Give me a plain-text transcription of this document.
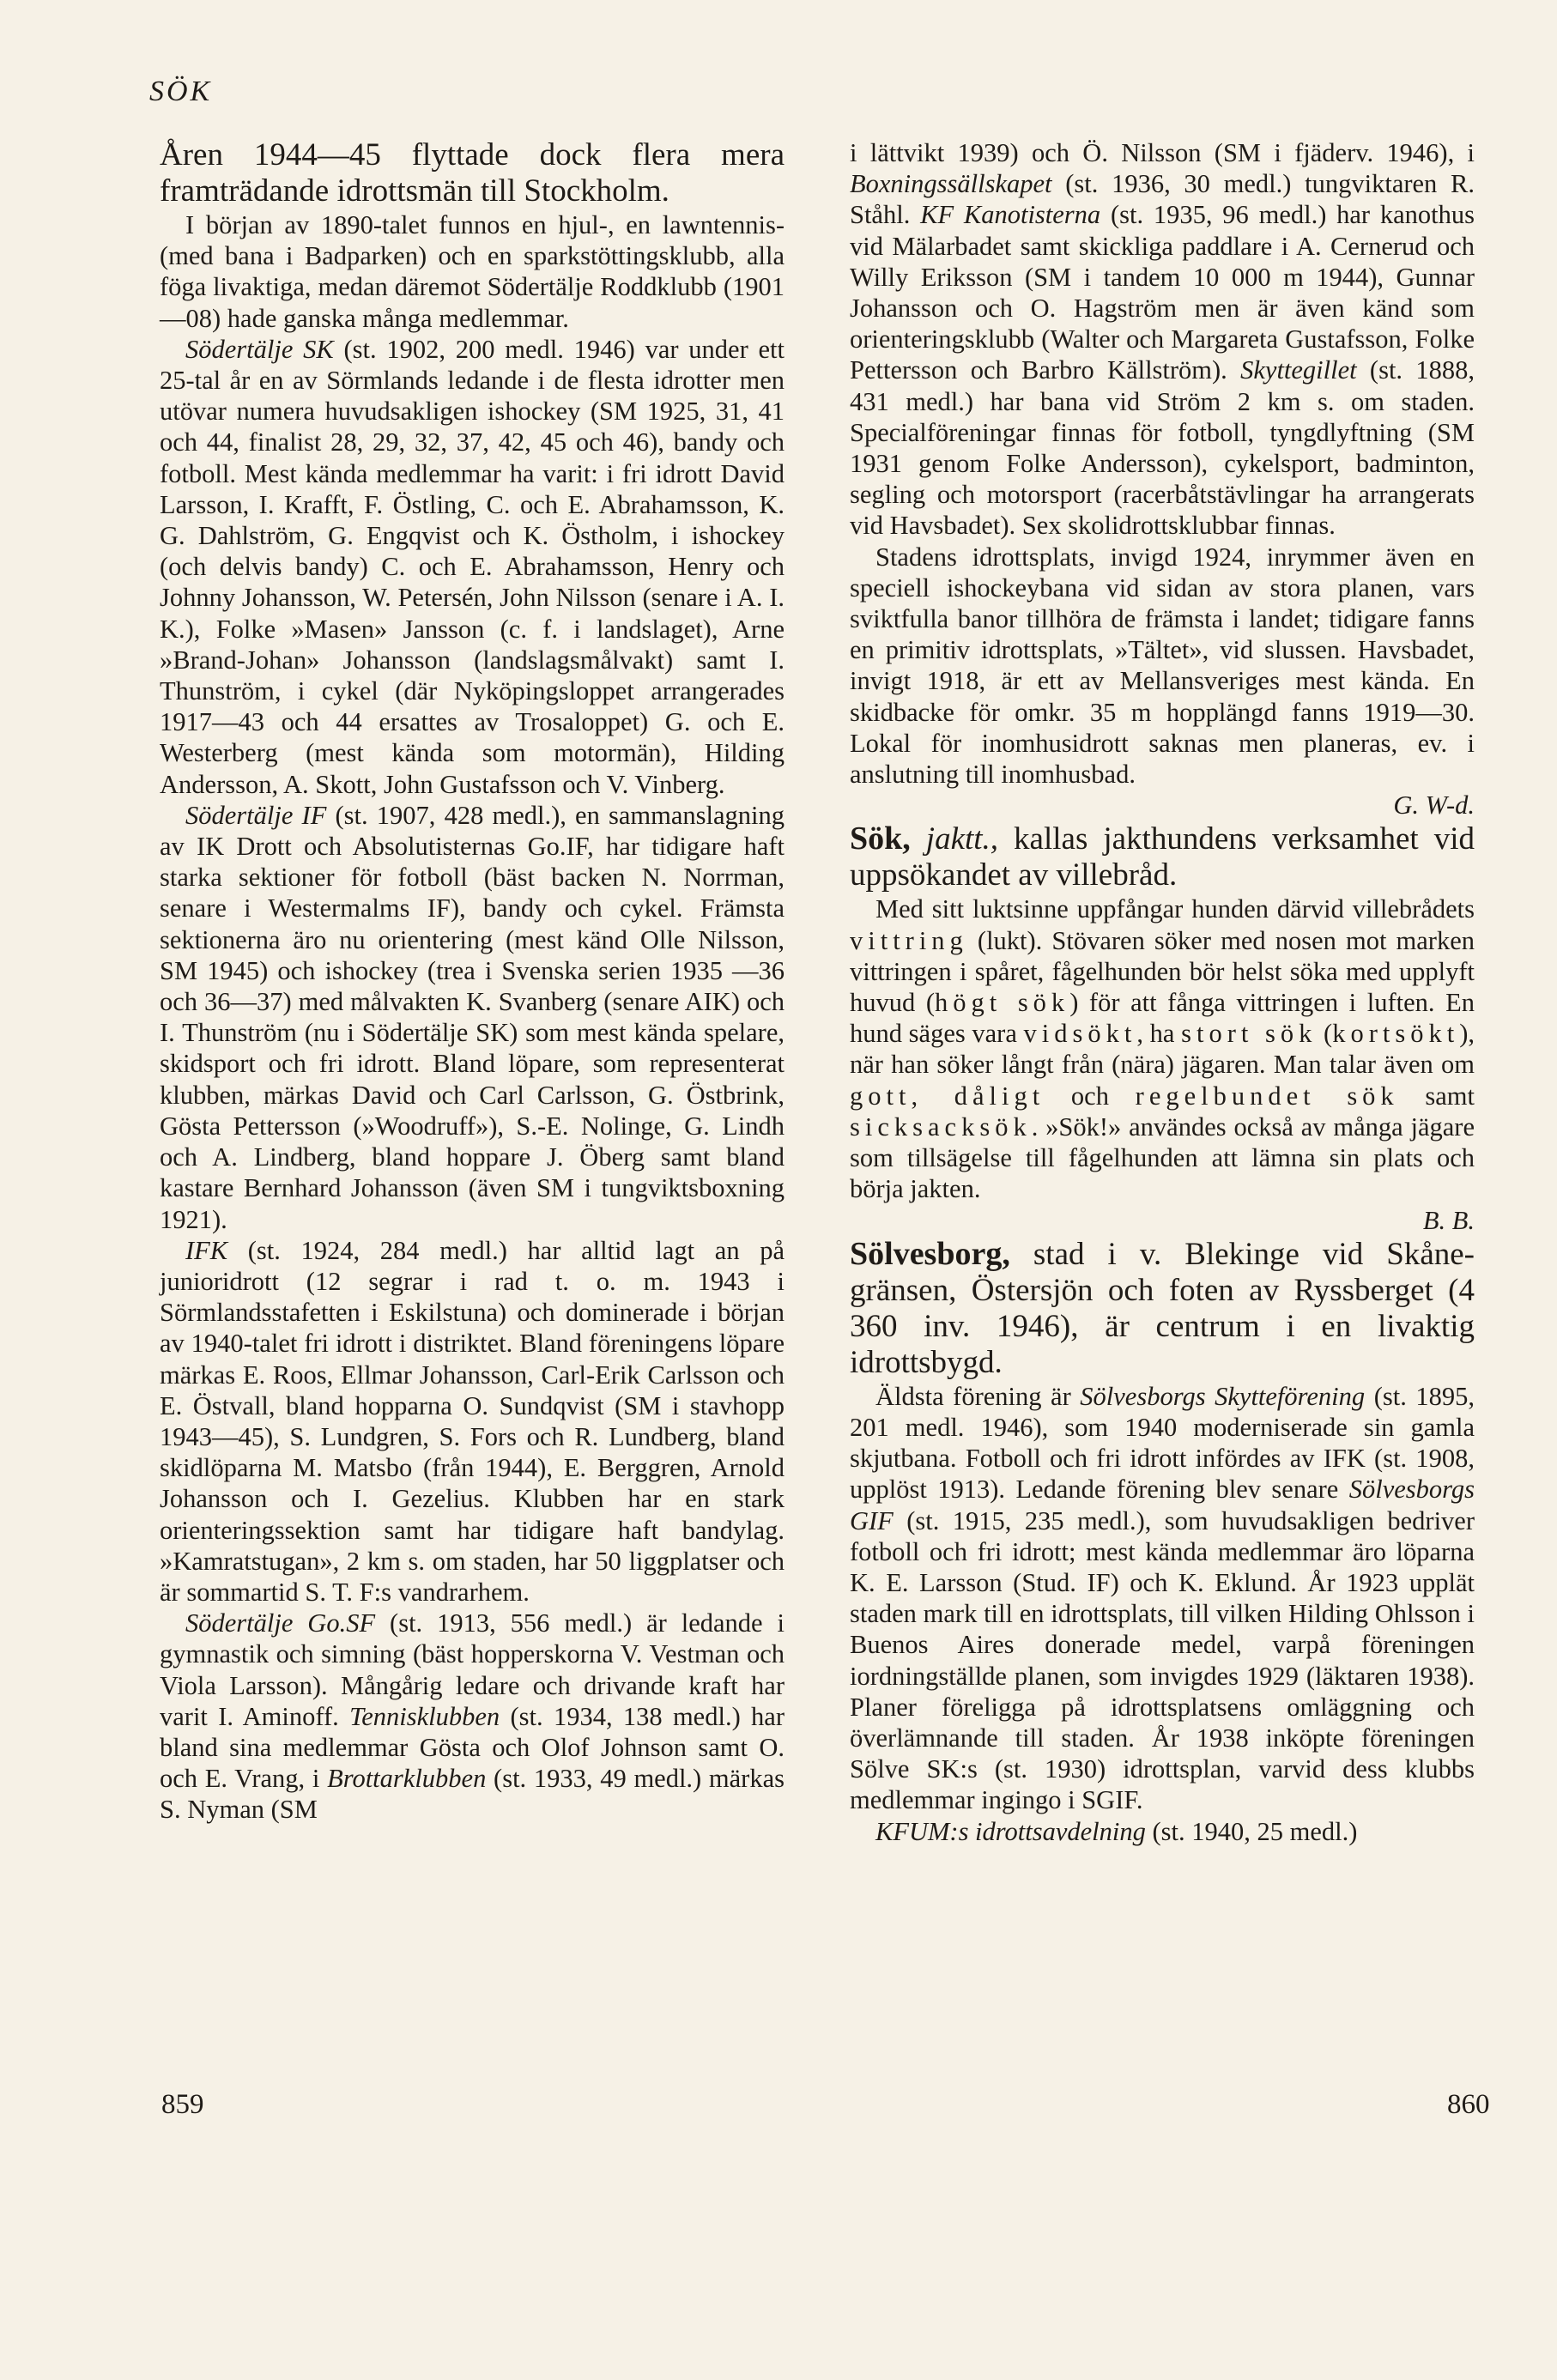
SÖK

Åren 1944—45 flyttade dock flera mera framträdande idrottsmän till Stockholm.

I början av 1890-talet funnos en hjul-, en lawntennis- (med bana i Badparken) och en sparkstöttingsklubb, alla föga livaktiga, medan däremot Södertälje Roddklubb (1901—08) hade ganska många medlemmar.

Södertälje SK (st. 1902, 200 medl. 1946) var under ett 25-tal år en av Sörmlands ledande i de flesta idrotter men utövar numera huvudsakligen ishockey (SM 1925, 31, 41 och 44, finalist 28, 29, 32, 37, 42, 45 och 46), bandy och fotboll. Mest kända medlemmar ha varit: i fri idrott David Larsson, I. Krafft, F. Östling, C. och E. Abrahamsson, K. G. Dahlström, G. Engqvist och K. Östholm, i ishockey (och delvis bandy) C. och E. Abrahamsson, Henry och Johnny Johansson, W. Petersén, John Nilsson (senare i A. I. K.), Folke »Masen» Jansson (c. f. i landslaget), Arne »Brand-Johan» Johansson (landslagsmålvakt) samt I. Thunström, i cykel (där Nyköpingsloppet arrangerades 1917—43 och 44 ersattes av Trosaloppet) G. och E. Westerberg (mest kända som motormän), Hilding Andersson, A. Skott, John Gustafsson och V. Vinberg.

Södertälje IF (st. 1907, 428 medl.), en sammanslagning av IK Drott och Absolutisternas Go.IF, har tidigare haft starka sektioner för fotboll (bäst backen N. Norrman, senare i Westermalms IF), bandy och cykel. Främsta sektionerna äro nu orientering (mest känd Olle Nilsson, SM 1945) och ishockey (trea i Svenska serien 1935 —36 och 36—37) med målvakten K. Svanberg (senare AIK) och I. Thunström (nu i Södertälje SK) som mest kända spelare, skidsport och fri idrott. Bland löpare, som representerat klubben, märkas David och Carl Carlsson, G. Östbrink, Gösta Pettersson (»Woodruff»), S.-E. Nolinge, G. Lindh och A. Lindberg, bland hoppare J. Öberg samt bland kastare Bernhard Johansson (även SM i tungviktsboxning 1921).

IFK (st. 1924, 284 medl.) har alltid lagt an på junioridrott (12 segrar i rad t. o. m. 1943 i Sörmlandsstafetten i Eskilstuna) och dominerade i början av 1940-talet fri idrott i distriktet. Bland föreningens löpare märkas E. Roos, Ellmar Johansson, Carl-Erik Carlsson och E. Östvall, bland hopparna O. Sundqvist (SM i stavhopp 1943—45), S. Lundgren, S. Fors och R. Lundberg, bland skidlöparna M. Matsbo (från 1944), E. Berggren, Arnold Johansson och I. Gezelius. Klubben har en stark orienteringssektion samt har tidigare haft bandylag. »Kamratstugan», 2 km s. om staden, har 50 liggplatser och är sommartid S. T. F:s vandrarhem.

Södertälje Go.SF (st. 1913, 556 medl.) är ledande i gymnastik och simning (bäst hopperskorna V. Vestman och Viola Larsson). Mångårig ledare och drivande kraft har varit I. Aminoff. Tennisklubben (st. 1934, 138 medl.) har bland sina medlemmar Gösta och Olof Johnson samt O. och E. Vrang, i Brottarklubben (st. 1933, 49 medl.) märkas S. Nyman (SM

i lättvikt 1939) och Ö. Nilsson (SM i fjäderv. 1946), i Boxningssällskapet (st. 1936, 30 medl.) tungviktaren R. Ståhl. KF Kanotisterna (st. 1935, 96 medl.) har kanothus vid Mälarbadet samt skickliga paddlare i A. Cernerud och Willy Eriksson (SM i tandem 10 000 m 1944), Gunnar Johansson och O. Hagström men är även känd som orienteringsklubb (Walter och Margareta Gustafsson, Folke Pettersson och Barbro Källström). Skyttegillet (st. 1888, 431 medl.) har bana vid Ström 2 km s. om staden. Specialföreningar finnas för fotboll, tyngdlyftning (SM 1931 genom Folke Andersson), cykelsport, badminton, segling och motorsport (racerbåtstävlingar ha arrangerats vid Havsbadet). Sex skolidrottsklubbar finnas.

Stadens idrottsplats, invigd 1924, inrymmer även en speciell ishockeybana vid sidan av stora planen, vars sviktfulla banor tillhöra de främsta i landet; tidigare fanns en primitiv idrottsplats, »Tältet», vid slussen. Havsbadet, invigt 1918, är ett av Mellansveriges mest kända. En skidbacke för omkr. 35 m hopplängd fanns 1919—30. Lokal för inomhusidrott saknas men planeras, ev. i anslutning till inomhusbad.

G. W-d.

Sök, jaktt., kallas jakthundens verksamhet vid uppsökandet av villebråd.

Med sitt luktsinne uppfångar hunden därvid villebrådets vittring (lukt). Stövaren söker med nosen mot marken vittringen i spåret, fågelhunden bör helst söka med upplyft huvud (högt sök) för att fånga vittringen i luften. En hund säges vara vidsökt, ha stort sök (kortsökt), när han söker långt från (nära) jägaren. Man talar även om gott, dåligt och regelbundet sök samt sicksacksök. »Sök!» användes också av många jägare som tillsägelse till fågelhunden att lämna sin plats och börja jakten.

B. B.

Sölvesborg, stad i v. Blekinge vid Skåne-gränsen, Östersjön och foten av Ryssberget (4 360 inv. 1946), är centrum i en livaktig idrottsbygd.

Äldsta förening är Sölvesborgs Skytteförening (st. 1895, 201 medl. 1946), som 1940 moderniserade sin gamla skjutbana. Fotboll och fri idrott infördes av IFK (st. 1908, upplöst 1913). Ledande förening blev senare Sölvesborgs GIF (st. 1915, 235 medl.), som huvudsakligen bedriver fotboll och fri idrott; mest kända medlemmar äro löparna K. E. Larsson (Stud. IF) och K. Eklund. År 1923 upplät staden mark till en idrottsplats, till vilken Hilding Ohlsson i Buenos Aires donerade medel, varpå föreningen iordningställde planen, som invigdes 1929 (läktaren 1938). Planer föreligga på idrottsplatsens omläggning och överlämnande till staden. År 1938 inköpte föreningen Sölve SK:s (st. 1930) idrottsplan, varvid dess klubbs medlemmar ingingo i SGIF.

KFUM:s idrottsavdelning (st. 1940, 25 medl.)

859	860
